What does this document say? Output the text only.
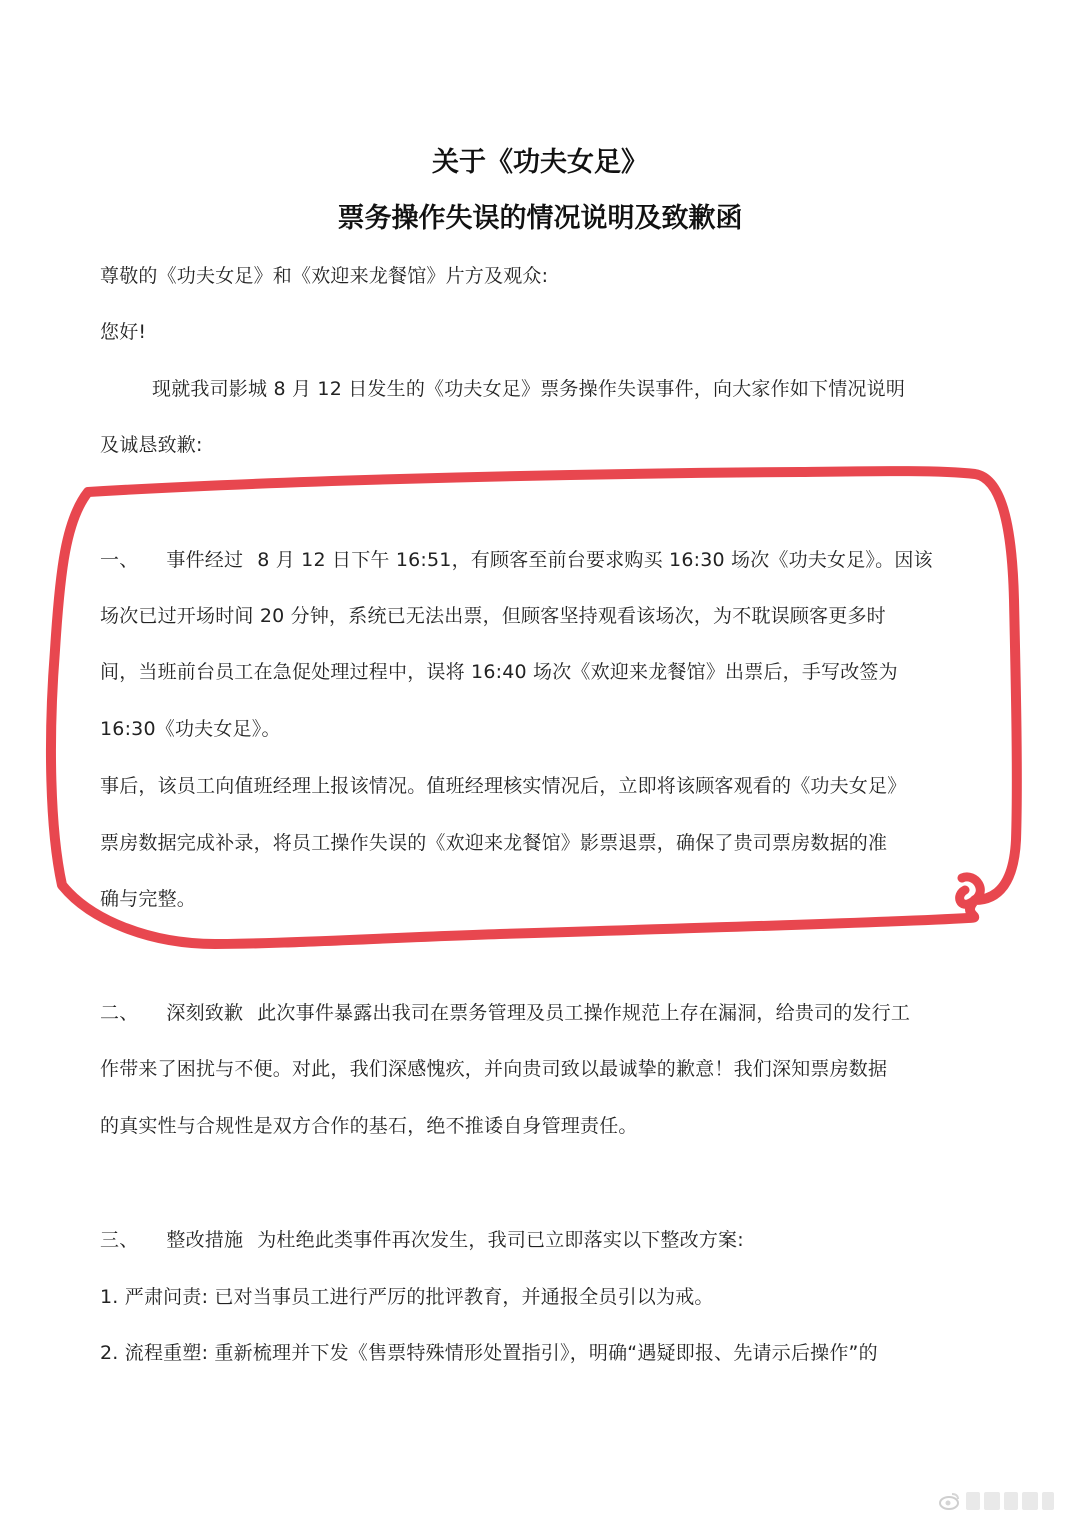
关于《功夫女足》
票务操作失误的情况说明及致歉函
尊敬的《功夫女足》和《欢迎来龙餐馆》片方及观众:
您好!
现就我司影城 8 月 12 日发生的《功夫女足》票务操作失误事件，向大家作如下情况说明
及诚恳致歉:
一、 事件经过 8 月 12 日下午 16:51，有顾客至前台要求购买 16:30 场次《功夫女足》。因该
场次已过开场时间 20 分钟，系统已无法出票，但顾客坚持观看该场次，为不耽误顾客更多时
间，当班前台员工在急促处理过程中，误将 16:40 场次《欢迎来龙餐馆》出票后，手写改签为
16:30《功夫女足》。
事后，该员工向值班经理上报该情况。值班经理核实情况后，立即将该顾客观看的《功夫女足》
票房数据完成补录，将员工操作失误的《欢迎来龙餐馆》影票退票，确保了贵司票房数据的准
确与完整。
二、 深刻致歉 此次事件暴露出我司在票务管理及员工操作规范上存在漏洞，给贵司的发行工
作带来了困扰与不便。对此，我们深感愧疚，并向贵司致以最诚挚的歉意！我们深知票房数据
的真实性与合规性是双方合作的基石，绝不推诿自身管理责任。
三、 整改措施 为杜绝此类事件再次发生，我司已立即落实以下整改方案:
1. 严肃问责: 已对当事员工进行严厉的批评教育，并通报全员引以为戒。
2. 流程重塑: 重新梳理并下发《售票特殊情形处置指引》，明确“遇疑即报、先请示后操作”的
